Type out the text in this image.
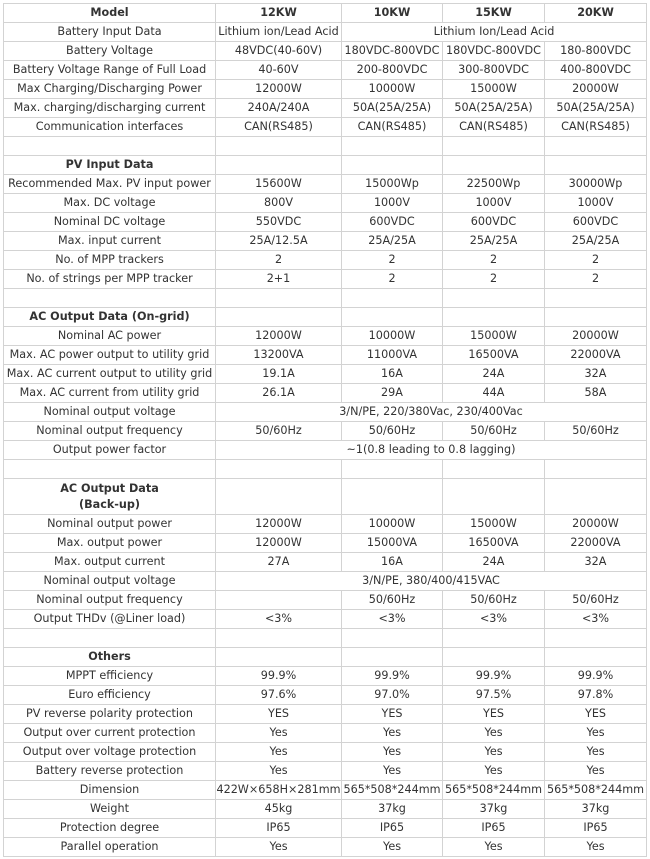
Model	12KW	10KW	15KW	20KW
Battery Input Data	Lithium ion/Lead Acid	Lithium Ion/Lead Acid		
Battery Voltage	48VDC(40-60V)	180VDC-800VDC	180VDC-800VDC	180-800VDC
Battery Voltage Range of Full Load	40-60V	200-800VDC	300-800VDC	400-800VDC
Max Charging/Discharging Power	12000W	10000W	15000W	20000W
Max. charging/discharging current	240A/240A	50A(25A/25A)	50A(25A/25A)	50A(25A/25A)
Communication interfaces	CAN(RS485)	CAN(RS485)	CAN(RS485)	CAN(RS485)

PV Input Data				
Recommended Max. PV input power	15600W	15000Wp	22500Wp	30000Wp
Max. DC voltage	800V	1000V	1000V	1000V
Nominal DC voltage	550VDC	600VDC	600VDC	600VDC
Max. input current	25A/12.5A	25A/25A	25A/25A	25A/25A
No. of MPP trackers	2	2	2	2
No. of strings per MPP tracker	2+1	2	2	2

AC Output Data (On-grid)				
Nominal AC power	12000W	10000W	15000W	20000W
Max. AC power output to utility grid	13200VA	11000VA	16500VA	22000VA
Max. AC current output to utility grid	19.1A	16A	24A	32A
Max. AC current from utility grid	26.1A	29A	44A	58A
Nominal output voltage	3/N/PE, 220/380Vac, 230/400Vac			
Nominal output frequency	50/60Hz	50/60Hz	50/60Hz	50/60Hz
Output power factor	~1(0.8 leading to 0.8 lagging)			

AC Output Data
(Back-up)				

Nominal output power	12000W	10000W	15000W	20000W
Max. output power	12000W	15000VA	16500VA	22000VA
Max. output current	27A	16A	24A	32A
Nominal output voltage	3/N/PE, 380/400/415VAC			
Nominal output frequency		50/60Hz	50/60Hz	50/60Hz
Output THDv (@Liner load)	<3%	<3%	<3%	<3%

Others				
MPPT efficiency	99.9%	99.9%	99.9%	99.9%
Euro efficiency	97.6%	97.0%	97.5%	97.8%
PV reverse polarity protection	YES	YES	YES	YES
Output over current protection	Yes	Yes	Yes	Yes
Output over voltage protection	Yes	Yes	Yes	Yes
Battery reverse protection	Yes	Yes	Yes	Yes
Dimension	422W×658H×281mm	565*508*244mm	565*508*244mm	565*508*244mm
Weight	45kg	37kg	37kg	37kg
Protection degree	IP65	IP65	IP65	IP65
Parallel operation	Yes	Yes	Yes	Yes
